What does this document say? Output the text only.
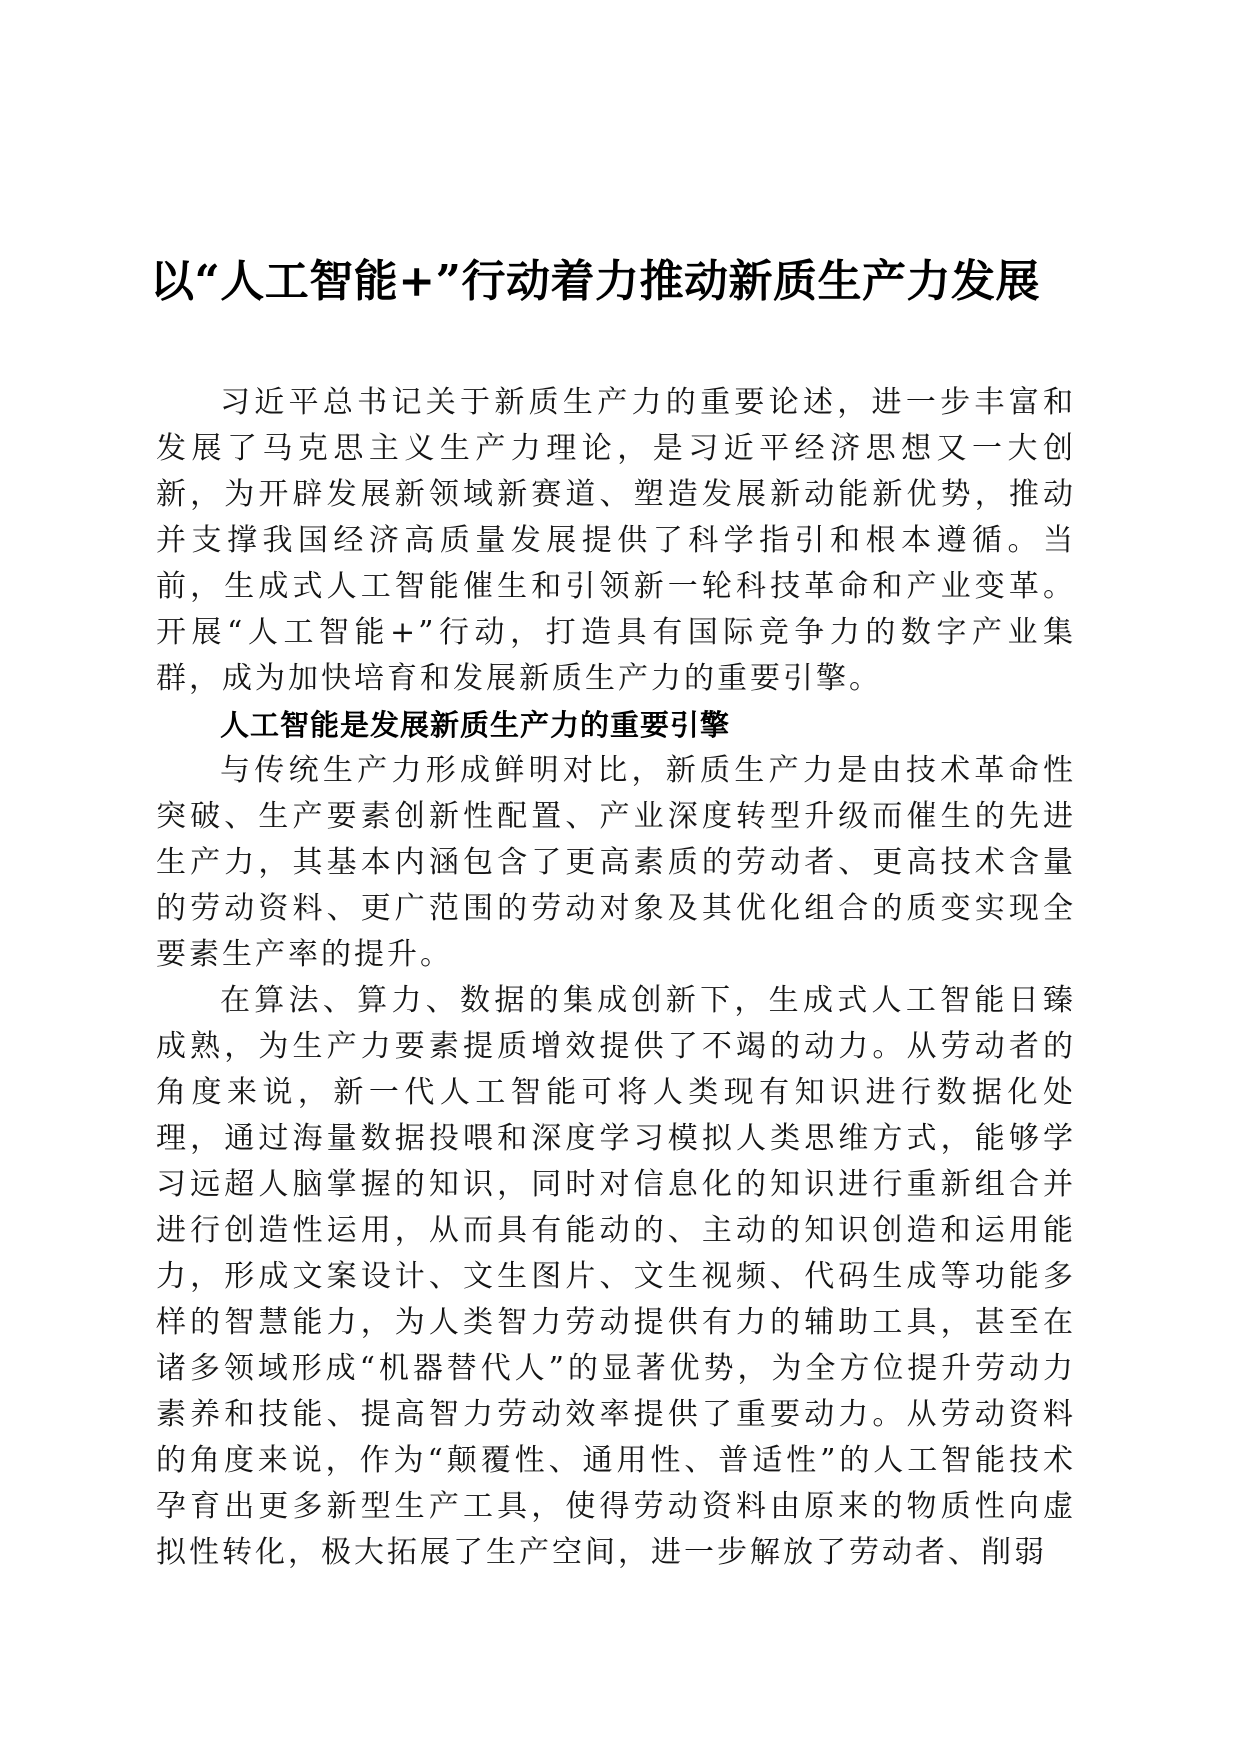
以“人工智能+”行动着力推动新质生产力发展

习近平总书记关于新质生产力的重要论述，进一步丰富和发展了马克思主义生产力理论，是习近平经济思想又一大创新，为开辟发展新领域新赛道、塑造发展新动能新优势，推动并支撑我国经济高质量发展提供了科学指引和根本遵循。当前，生成式人工智能催生和引领新一轮科技革命和产业变革。开展“人工智能+”行动，打造具有国际竞争力的数字产业集群，成为加快培育和发展新质生产力的重要引擎。

人工智能是发展新质生产力的重要引擎

与传统生产力形成鲜明对比，新质生产力是由技术革命性突破、生产要素创新性配置、产业深度转型升级而催生的先进生产力，其基本内涵包含了更高素质的劳动者、更高技术含量的劳动资料、更广范围的劳动对象及其优化组合的质变实现全要素生产率的提升。

在算法、算力、数据的集成创新下，生成式人工智能日臻成熟，为生产力要素提质增效提供了不竭的动力。从劳动者的角度来说，新一代人工智能可将人类现有知识进行数据化处理，通过海量数据投喂和深度学习模拟人类思维方式，能够学习远超人脑掌握的知识，同时对信息化的知识进行重新组合并进行创造性运用，从而具有能动的、主动的知识创造和运用能力，形成文案设计、文生图片、文生视频、代码生成等功能多样的智慧能力，为人类智力劳动提供有力的辅助工具，甚至在诸多领域形成“机器替代人”的显著优势，为全方位提升劳动力素养和技能、提高智力劳动效率提供了重要动力。从劳动资料的角度来说，作为“颠覆性、通用性、普适性”的人工智能技术孕育出更多新型生产工具，使得劳动资料由原来的物质性向虚拟性转化，极大拓展了生产空间，进一步解放了劳动者、削弱
